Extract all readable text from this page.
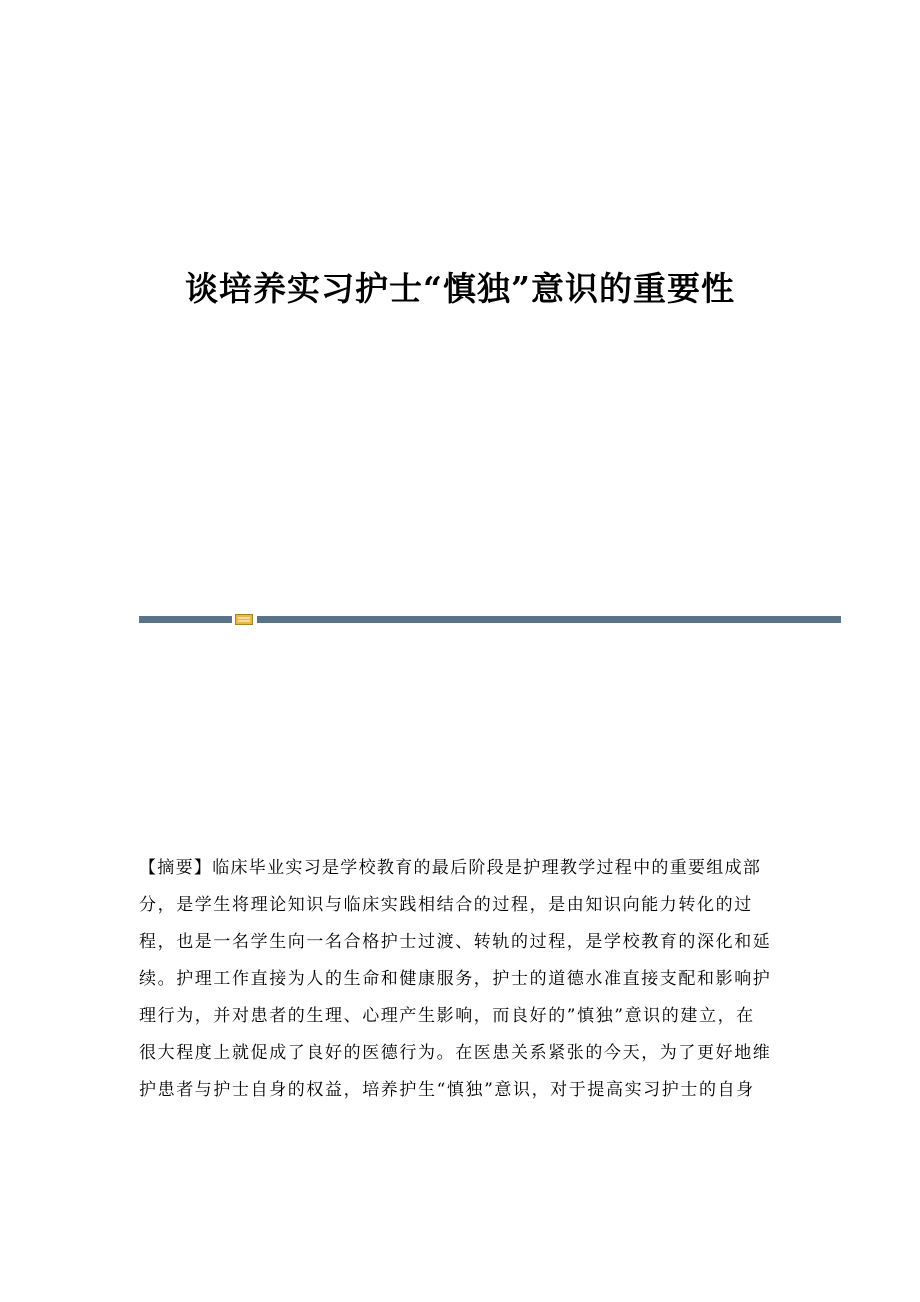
谈培养实习护士“慎独”意识的重要性
【摘要】临床毕业实习是学校教育的最后阶段是护理教学过程中的重要组成部
分，是学生将理论知识与临床实践相结合的过程，是由知识向能力转化的过
程，也是一名学生向一名合格护士过渡、转轨的过程，是学校教育的深化和延
续。护理工作直接为人的生命和健康服务，护士的道德水准直接支配和影响护
理行为，并对患者的生理、心理产生影响，而良好的”慎独”意识的建立，在
很大程度上就促成了良好的医德行为。在医患关系紧张的今天，为了更好地维
护患者与护士自身的权益，培养护生“慎独”意识，对于提高实习护士的自身
